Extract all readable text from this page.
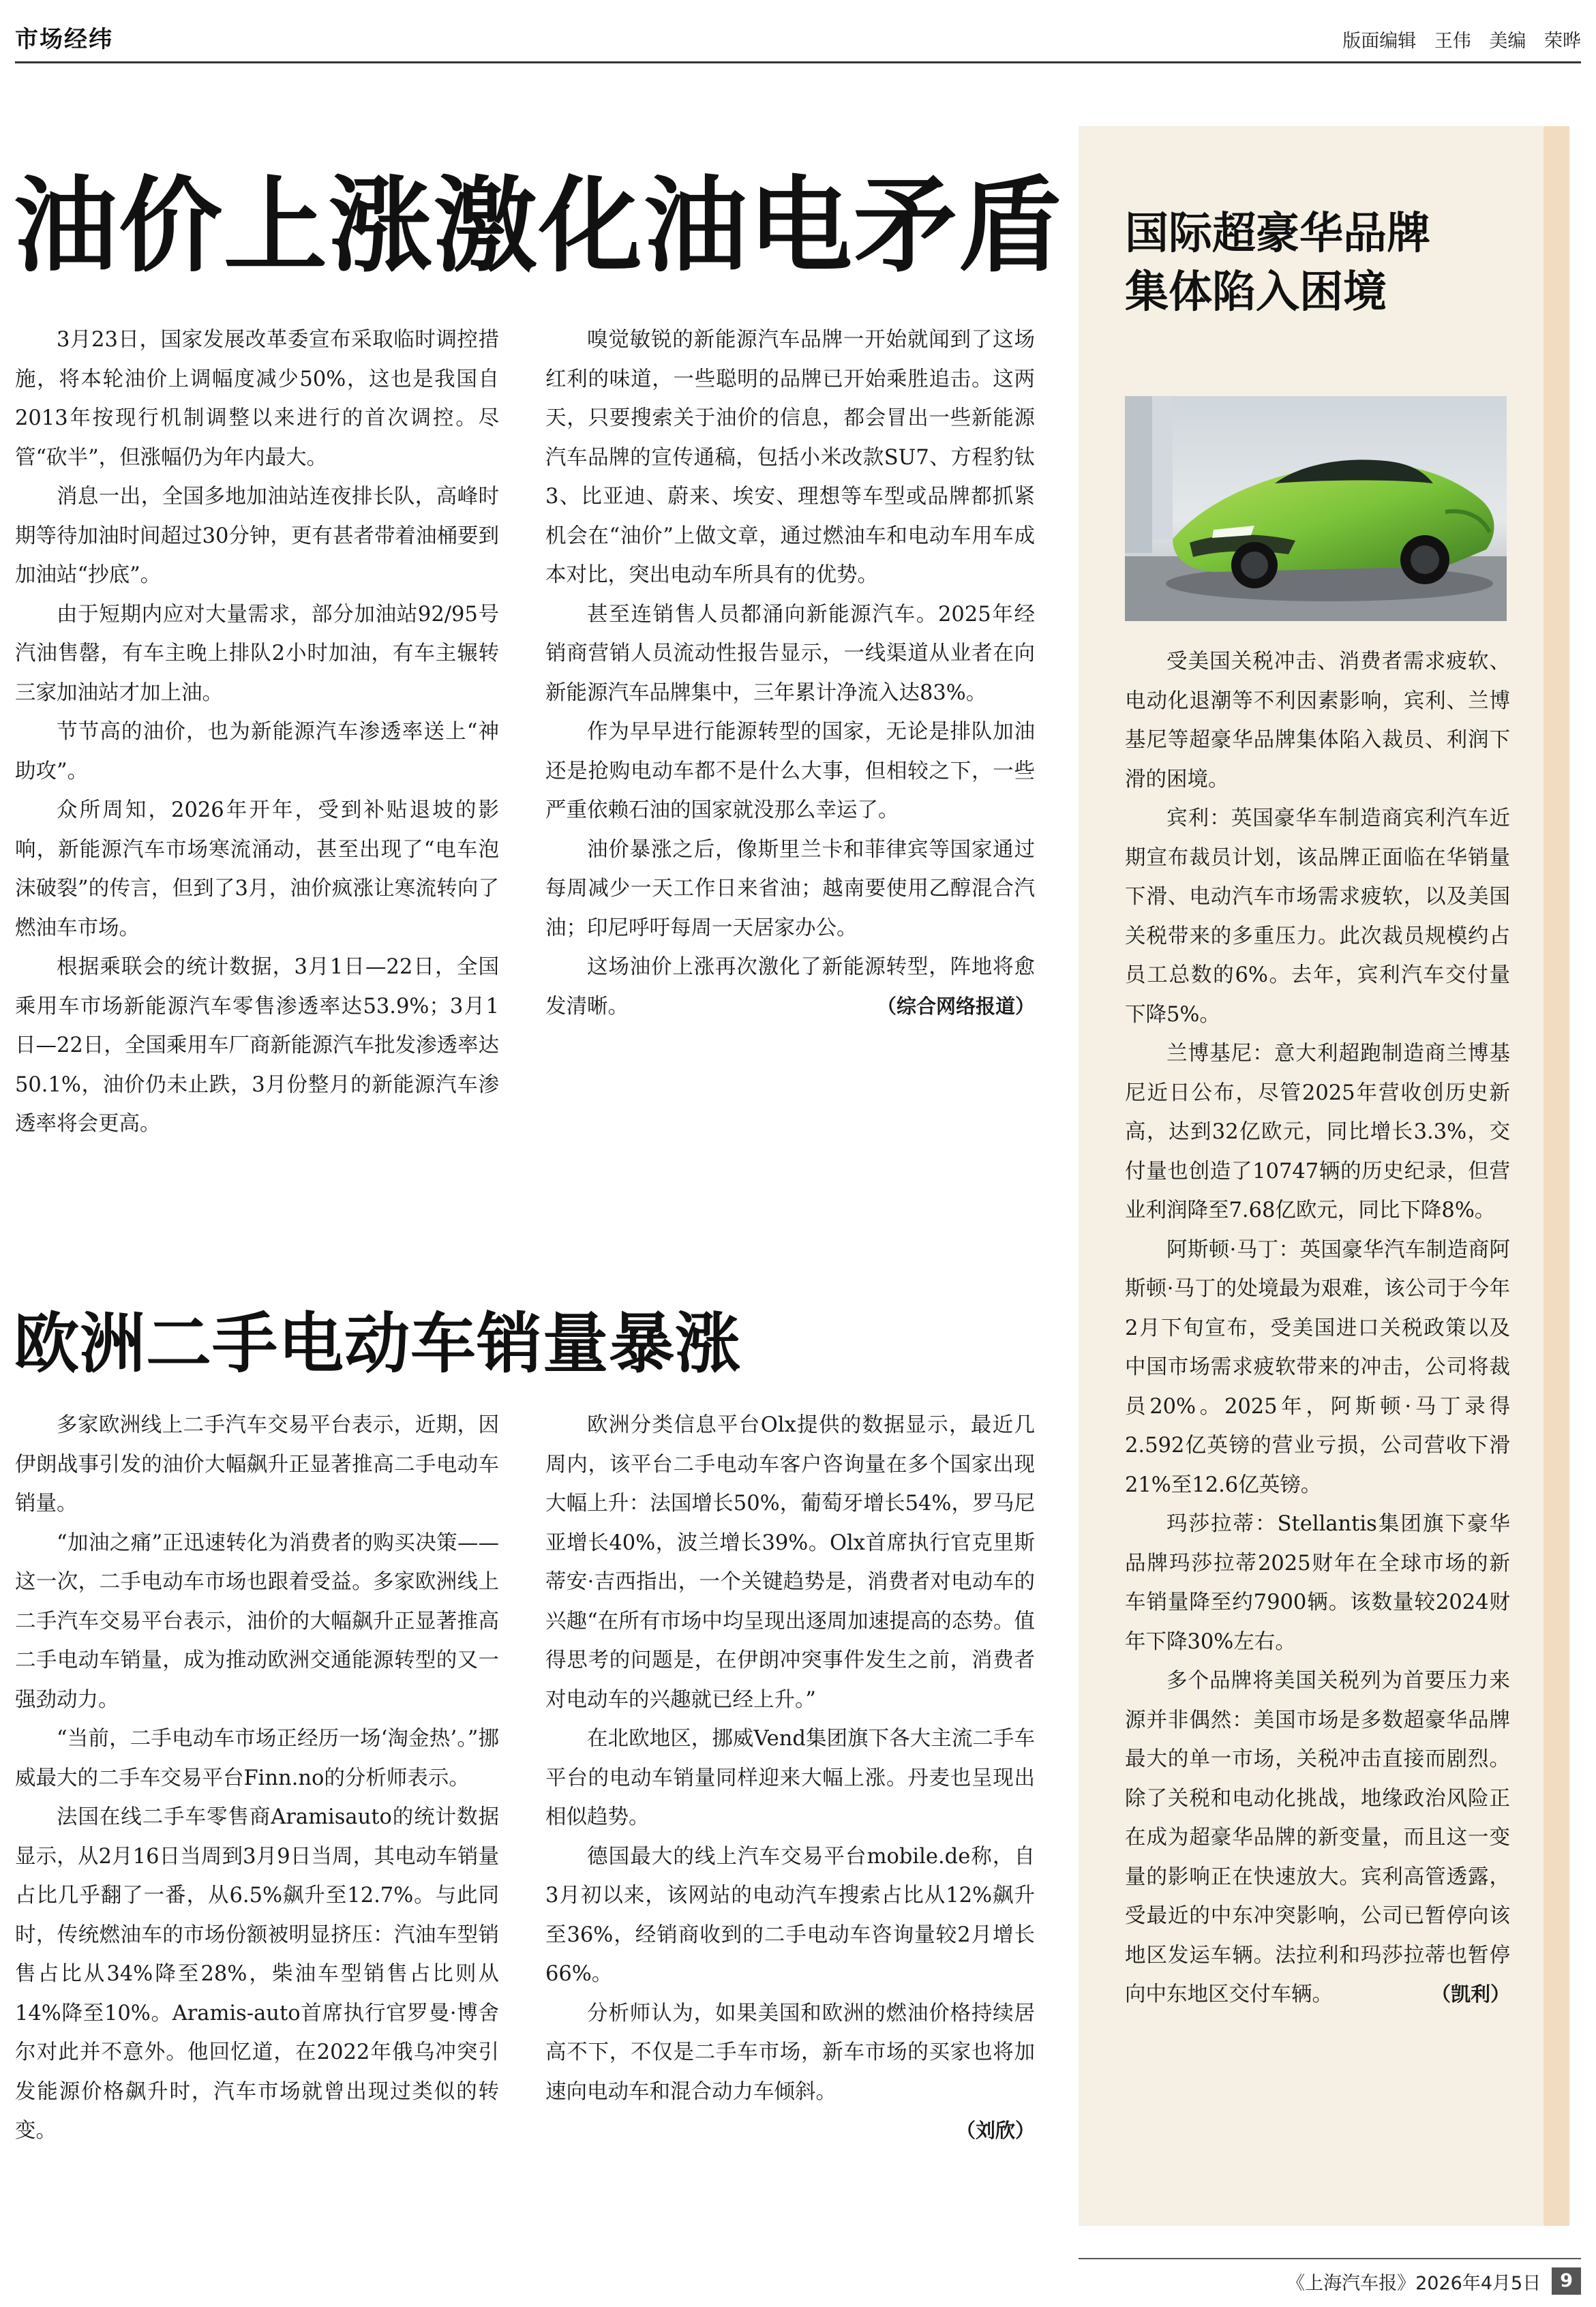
市场经纬	版面编辑 王伟 美编 荣晔
油价上涨激化油电矛盾

3月23日，国家发展改革委宣布采取临时调控措施，将本轮油价上调幅度减少50%，这也是我国自2013年按现行机制调整以来进行的首次调控。尽管“砍半”，但涨幅仍为年内最大。

消息一出，全国多地加油站连夜排长队，高峰时期等待加油时间超过30分钟，更有甚者带着油桶要到加油站“抄底”。

由于短期内应对大量需求，部分加油站92/95号汽油售罄，有车主晚上排队2小时加油，有车主辗转三家加油站才加上油。

节节高的油价，也为新能源汽车渗透率送上“神助攻”。

众所周知，2026年开年，受到补贴退坡的影响，新能源汽车市场寒流涌动，甚至出现了“电车泡沫破裂”的传言，但到了3月，油价疯涨让寒流转向了燃油车市场。

根据乘联会的统计数据，3月1日—22日，全国乘用车市场新能源汽车零售渗透率达53.9%；3月1日—22日，全国乘用车厂商新能源汽车批发渗透率达50.1%，油价仍未止跌，3月份整月的新能源汽车渗透率将会更高。

嗅觉敏锐的新能源汽车品牌一开始就闻到了这场红利的味道，一些聪明的品牌已开始乘胜追击。这两天，只要搜索关于油价的信息，都会冒出一些新能源汽车品牌的宣传通稿，包括小米改款SU7、方程豹钛3、比亚迪、蔚来、埃安、理想等车型或品牌都抓紧机会在“油价”上做文章，通过燃油车和电动车用车成本对比，突出电动车所具有的优势。

甚至连销售人员都涌向新能源汽车。2025年经销商营销人员流动性报告显示，一线渠道从业者在向新能源汽车品牌集中，三年累计净流入达83%。

作为早早进行能源转型的国家，无论是排队加油还是抢购电动车都不是什么大事，但相较之下，一些严重依赖石油的国家就没那么幸运了。

油价暴涨之后，像斯里兰卡和菲律宾等国家通过每周减少一天工作日来省油；越南要使用乙醇混合汽油；印尼呼吁每周一天居家办公。

这场油价上涨再次激化了新能源转型，阵地将愈发清晰。	（综合网络报道）

欧洲二手电动车销量暴涨

多家欧洲线上二手汽车交易平台表示，近期，因伊朗战事引发的油价大幅飙升正显著推高二手电动车销量。

“加油之痛”正迅速转化为消费者的购买决策——这一次，二手电动车市场也跟着受益。多家欧洲线上二手汽车交易平台表示，油价的大幅飙升正显著推高二手电动车销量，成为推动欧洲交通能源转型的又一强劲动力。

“当前，二手电动车市场正经历一场‘淘金热’。”挪威最大的二手车交易平台Finn.no的分析师表示。

法国在线二手车零售商Aramisauto的统计数据显示，从2月16日当周到3月9日当周，其电动车销量占比几乎翻了一番，从6.5%飙升至12.7%。与此同时，传统燃油车的市场份额被明显挤压：汽油车型销售占比从34%降至28%，柴油车型销售占比则从14%降至10%。Aramis-auto首席执行官罗曼·博舍尔对此并不意外。他回忆道，在2022年俄乌冲突引发能源价格飙升时，汽车市场就曾出现过类似的转变。

欧洲分类信息平台Olx提供的数据显示，最近几周内，该平台二手电动车客户咨询量在多个国家出现大幅上升：法国增长50%，葡萄牙增长54%，罗马尼亚增长40%，波兰增长39%。Olx首席执行官克里斯蒂安·吉西指出，一个关键趋势是，消费者对电动车的兴趣“在所有市场中均呈现出逐周加速提高的态势。值得思考的问题是，在伊朗冲突事件发生之前，消费者对电动车的兴趣就已经上升。”

在北欧地区，挪威Vend集团旗下各大主流二手车平台的电动车销量同样迎来大幅上涨。丹麦也呈现出相似趋势。

德国最大的线上汽车交易平台mobile.de称，自3月初以来，该网站的电动汽车搜索占比从12%飙升至36%，经销商收到的二手电动车咨询量较2月增长66%。

分析师认为，如果美国和欧洲的燃油价格持续居高不下，不仅是二手车市场，新车市场的买家也将加速向电动车和混合动力车倾斜。

（刘欣）
国际超豪华品牌
集体陷入困境

受美国关税冲击、消费者需求疲软、电动化退潮等不利因素影响，宾利、兰博基尼等超豪华品牌集体陷入裁员、利润下滑的困境。

宾利：英国豪华车制造商宾利汽车近期宣布裁员计划，该品牌正面临在华销量下滑、电动汽车市场需求疲软，以及美国关税带来的多重压力。此次裁员规模约占员工总数的6%。去年，宾利汽车交付量下降5%。

兰博基尼：意大利超跑制造商兰博基尼近日公布，尽管2025年营收创历史新高，达到32亿欧元，同比增长3.3%，交付量也创造了10747辆的历史纪录，但营业利润降至7.68亿欧元，同比下降8%。

阿斯顿·马丁：英国豪华汽车制造商阿斯顿·马丁的处境最为艰难，该公司于今年2月下旬宣布，受美国进口关税政策以及中国市场需求疲软带来的冲击，公司将裁员20%。2025年，阿斯顿·马丁录得2.592亿英镑的营业亏损，公司营收下滑21%至12.6亿英镑。

玛莎拉蒂：Stellantis集团旗下豪华品牌玛莎拉蒂2025财年在全球市场的新车销量降至约7900辆。该数量较2024财年下降30%左右。

多个品牌将美国关税列为首要压力来源并非偶然：美国市场是多数超豪华品牌最大的单一市场，关税冲击直接而剧烈。除了关税和电动化挑战，地缘政治风险正在成为超豪华品牌的新变量，而且这一变量的影响正在快速放大。宾利高管透露，受最近的中东冲突影响，公司已暂停向该地区发运车辆。法拉利和玛莎拉蒂也暂停向中东地区交付车辆。	（凯利）

《上海汽车报》 2026年4月5日	9
